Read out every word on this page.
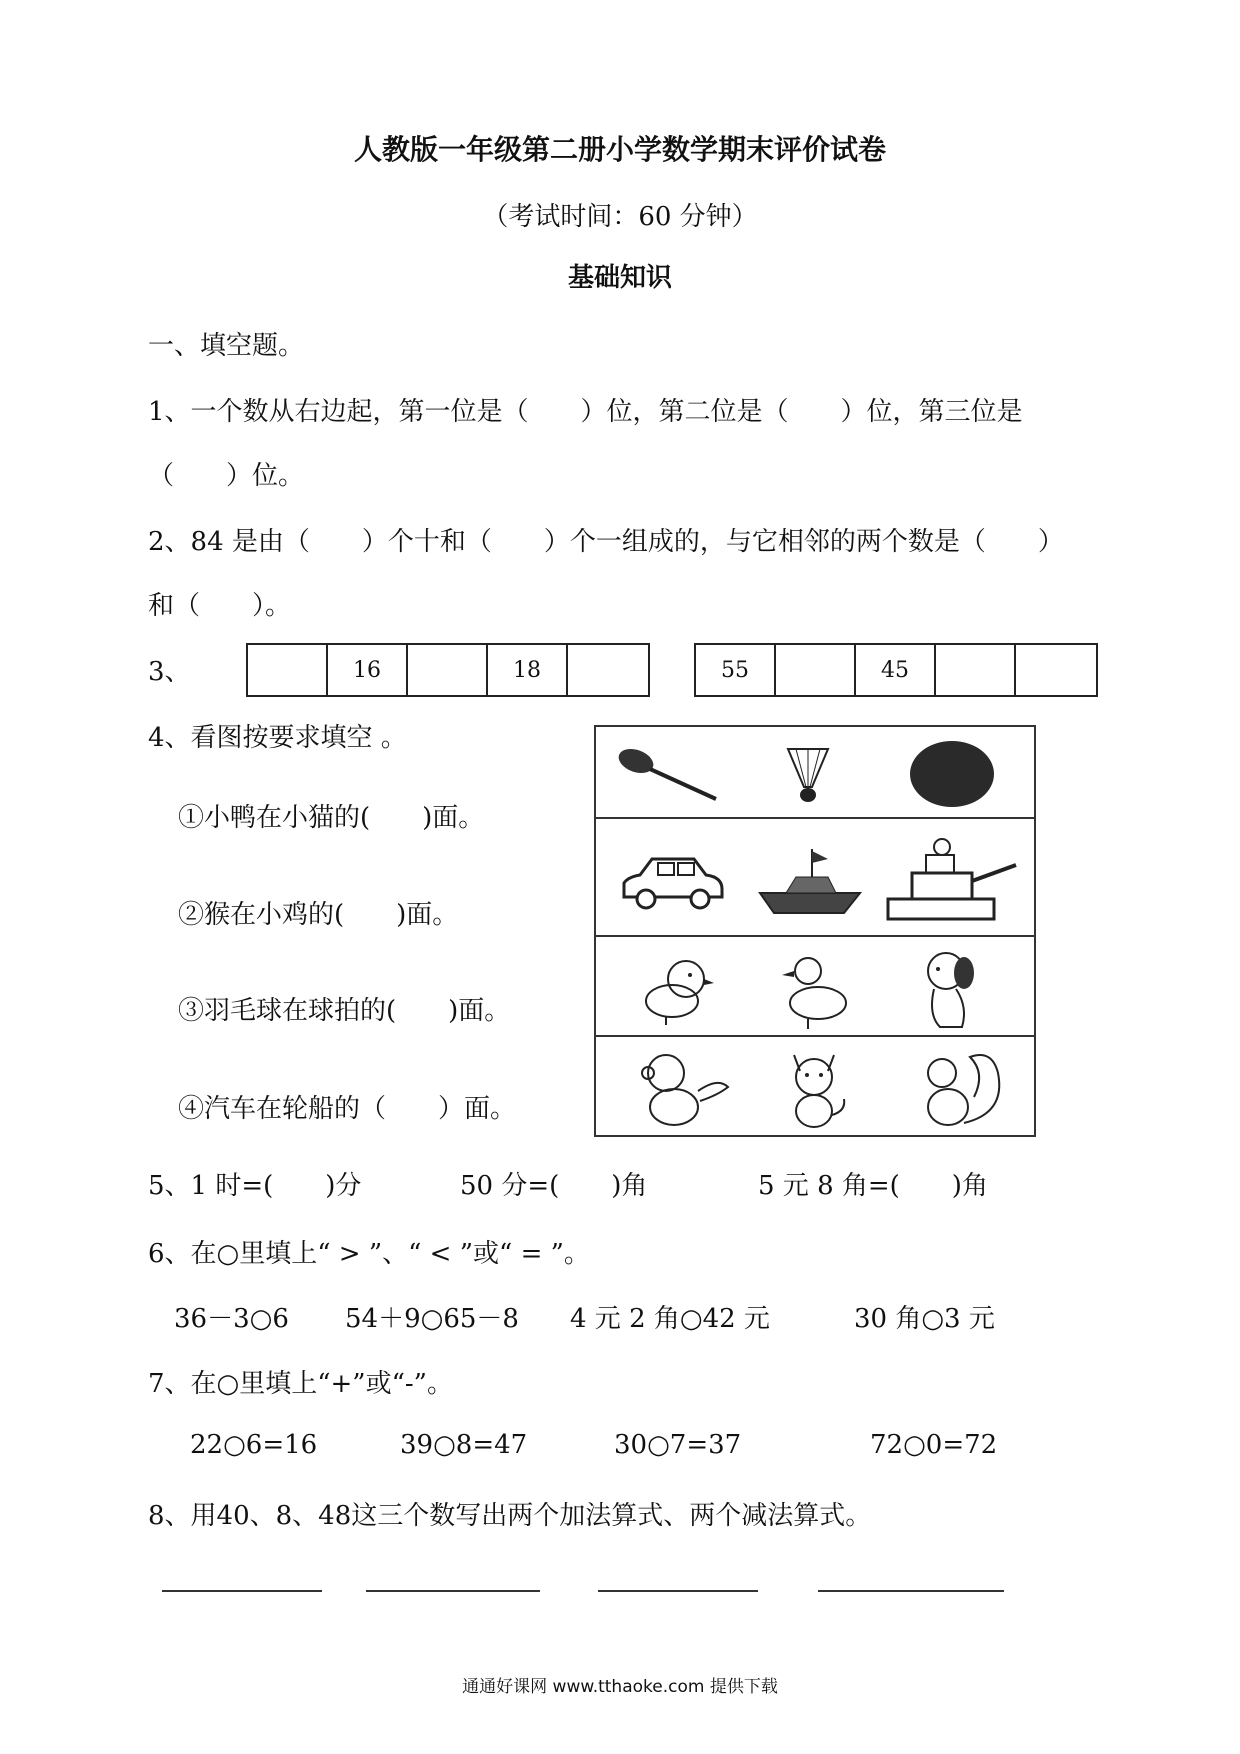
人教版一年级第二册小学数学期末评价试卷
（考试时间：60 分钟）
基础知识
一、填空题。
1、一个数从右边起，第一位是（　　）位，第二位是（　　）位，第三位是
（　　）位。
2、84 是由（　　）个十和（　　）个一组成的，与它相邻的两个数是（　　）
和（　　）。
3、	16	18	55	45
4、看图按要求填空 。
①小鸭在小猫的(　　)面。
②猴在小鸡的(　　)面。
③羽毛球在球拍的(　　)面。
④汽车在轮船的（　　）面。
5、1 时=(　　)分	50 分=(　　)角	5 元 8 角=(　　)角
6、在○里填上“ > ”、“ < ”或“ = ”。
36－3○6 54＋9○65－8 4 元 2 角○42 元	30 角○3 元
7、在○里填上“+”或“-”。
22○6=16	39○8=47	30○7=37	72○0=72
8、用40、8、48这三个数写出两个加法算式、两个减法算式。
通通好课网 www.tthaoke.com 提供下载
